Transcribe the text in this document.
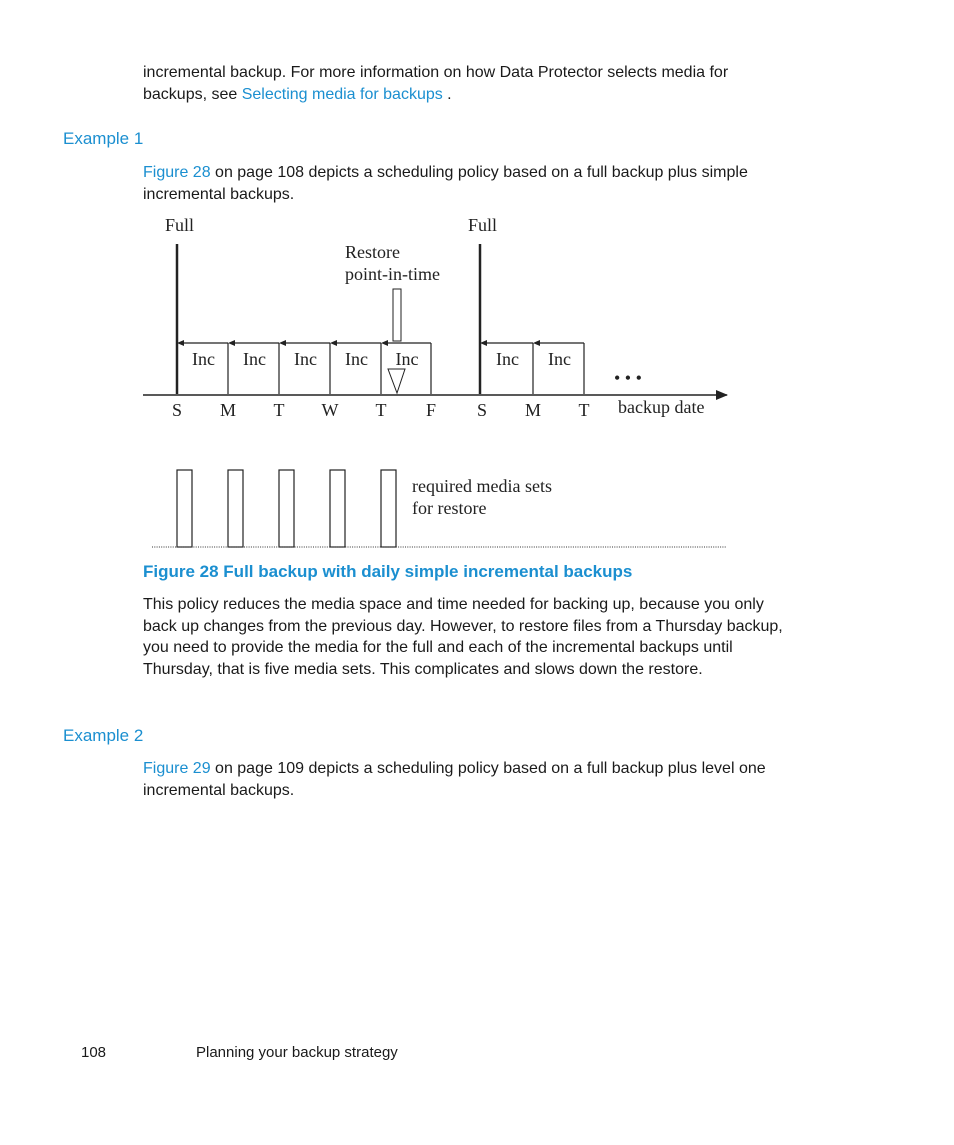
incremental backup. For more information on how Data Protector selects media for backups, see Selecting media for backups .

Example 1

Figure 28 on page 108 depicts a scheduling policy based on a full backup plus simple incremental backups.

Full	Full
Restore
point-in-time
Inc Inc Inc Inc Inc	Inc Inc
• • •
S M T W T F S M T backup date
required media sets
for restore

Figure 28 Full backup with daily simple incremental backups

This policy reduces the media space and time needed for backing up, because you only back up changes from the previous day. However, to restore files from a Thursday backup, you need to provide the media for the full and each of the incremental backups until Thursday, that is five media sets. This complicates and slows down the restore.

Example 2

Figure 29 on page 109 depicts a scheduling policy based on a full backup plus level one incremental backups.

108	Planning your backup strategy
